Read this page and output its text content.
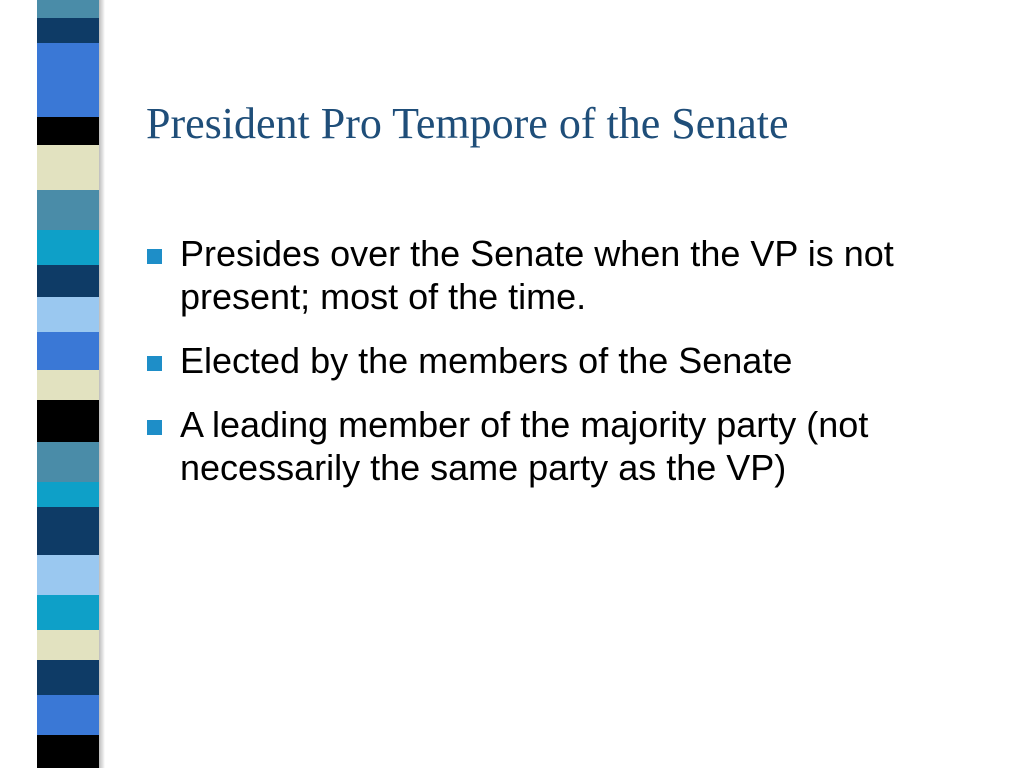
President Pro Tempore of the Senate
Presides over the Senate when the VP is not present; most of the time.
Elected by the members of the Senate
A leading member of the majority party (not necessarily the same party as the VP)
